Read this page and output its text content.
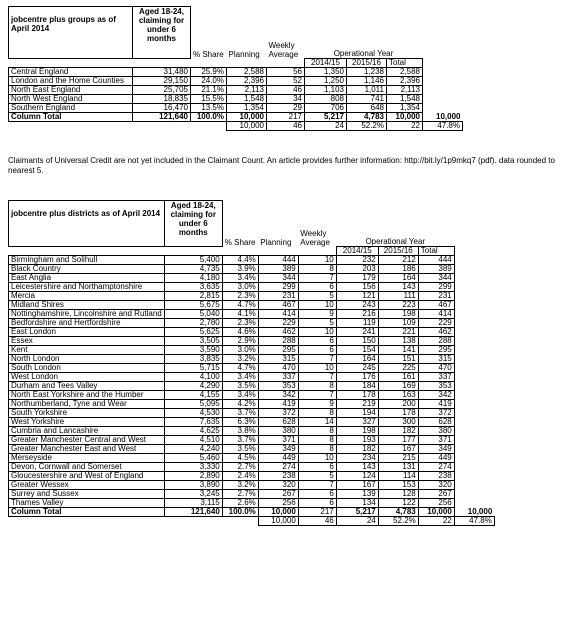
jobcentre plus groups as of April 2014	Aged 18-24, claiming for under 6 months	% Share	Planning	Weekly Average	Operational Year			
					2014/15	2015/16	Total	
Central England	31,480	25.9%	2,588	56	1,350	1,238	2,588	
London and the Home Counties	29,150	24.0%	2,396	52	1,250	1,146	2,396	
North East England	25,705	21.1%	2,113	46	1,103	1,011	2,113	
North West England	18,835	15.5%	1,548	34	808	741	1,548	
Southern England	16,470	13.5%	1,354	29	706	648	1,354	
Column Total	121,640	100.0%	10,000	217	5,217	4,783	10,000	10,000
			10,000	46	24	52.2%	22	47.8%
Claimants of Universal Credit are not yet included in the Claimant Count. An article provides further information: http://bit.ly/1p9mkq7 (pdf). data rounded to nearest 5.
jobcentre plus districts as of April 2014	Aged 18-24, claiming for under 6 months	% Share	Planning	Weekly Average	Operational Year			
					2014/15	2015/16	Total	
Birmingham and Solihull	5,400	4.4%	444	10	232	212	444	
Black Country	4,735	3.9%	389	8	203	186	389	
East Anglia	4,180	3.4%	344	7	179	164	344	
Leicestershire and Northamptonshire	3,635	3.0%	299	6	156	143	299	
Mercia	2,815	2.3%	231	5	121	111	231	
Midland Shires	5,675	4.7%	467	10	243	223	467	
Nottinghamshire, Lincolnshire and Rutland	5,040	4.1%	414	9	216	198	414	
Bedfordshire and Hertfordshire	2,780	2.3%	229	5	119	109	229	
East London	5,625	4.6%	462	10	241	221	462	
Essex	3,505	2.9%	288	6	150	138	288	
Kent	3,590	3.0%	295	6	154	141	295	
North London	3,835	3.2%	315	7	164	151	315	
South London	5,715	4.7%	470	10	245	225	470	
West London	4,100	3.4%	337	7	176	161	337	
Durham and Tees Valley	4,290	3.5%	353	8	184	169	353	
North East Yorkshire and the Humber	4,155	3.4%	342	7	178	163	342	
Northumberland, Tyne and Wear	5,095	4.2%	419	9	219	200	419	
South Yorkshire	4,530	3.7%	372	8	194	178	372	
West Yorkshire	7,635	6.3%	628	14	327	300	628	
Cumbria and Lancashire	4,625	3.8%	380	8	198	182	380	
Greater Manchester Central and West	4,510	3.7%	371	8	193	177	371	
Greater Manchester East and West	4,240	3.5%	349	8	182	167	349	
Merseyside	5,460	4.5%	449	10	234	215	449	
Devon, Cornwall and Somerset	3,330	2.7%	274	6	143	131	274	
Gloucestershire and West of England	2,890	2.4%	238	5	124	114	238	
Greater Wessex	3,890	3.2%	320	7	167	153	320	
Surrey and Sussex	3,245	2.7%	267	6	139	128	267	
Thames Valley	3,115	2.6%	256	6	134	122	256	
Column Total	121,640	100.0%	10,000	217	5,217	4,783	10,000	10,000
			10,000	46	24	52.2%	22	47.8%
